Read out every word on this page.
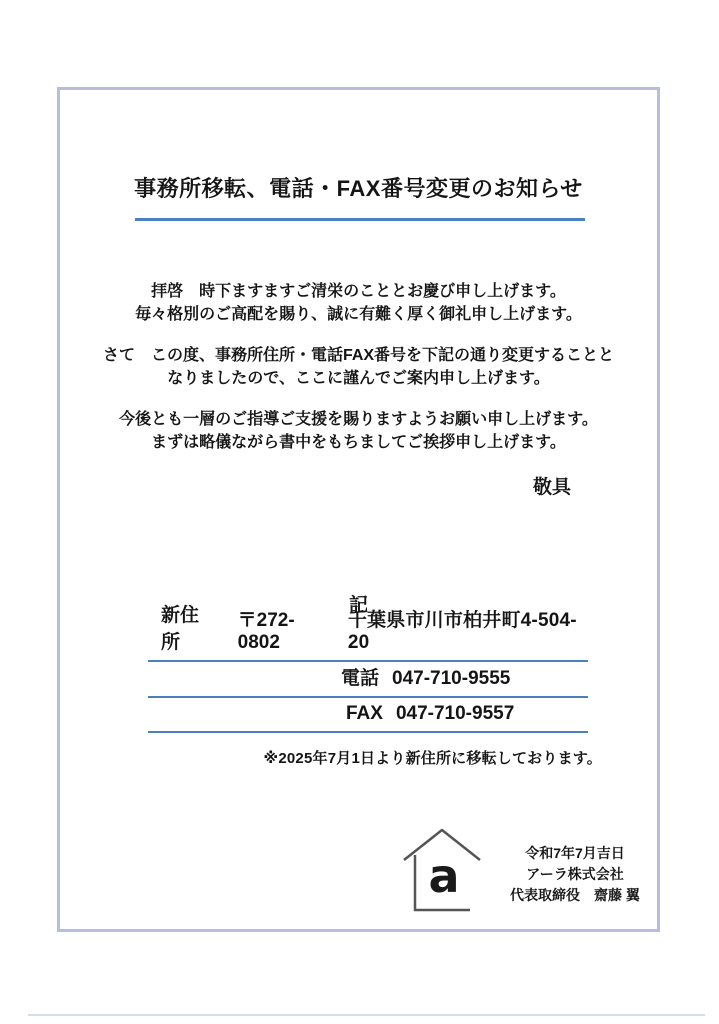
事務所移転、電話・FAX番号変更のお知らせ

拝啓　時下ますますご清栄のこととお慶び申し上げます。
毎々格別のご高配を賜り、誠に有難く厚く御礼申し上げます。

さて　この度、事務所住所・電話FAX番号を下記の通り変更することと
なりましたので、ここに謹んでご案内申し上げます。

今後とも一層のご指導ご支援を賜りますようお願い申し上げます。
まずは略儀ながら書中をもちましてご挨拶申し上げます。

敬具
記
新住所
〒272-0802
千葉県市川市柏井町4-504-20
電話 047-710-9555
FAX 047-710-9557
※2025年7月1日より新住所に移転しております。
a	令和7年7月吉日
アーラ株式会社
代表取締役　齋藤 翼
